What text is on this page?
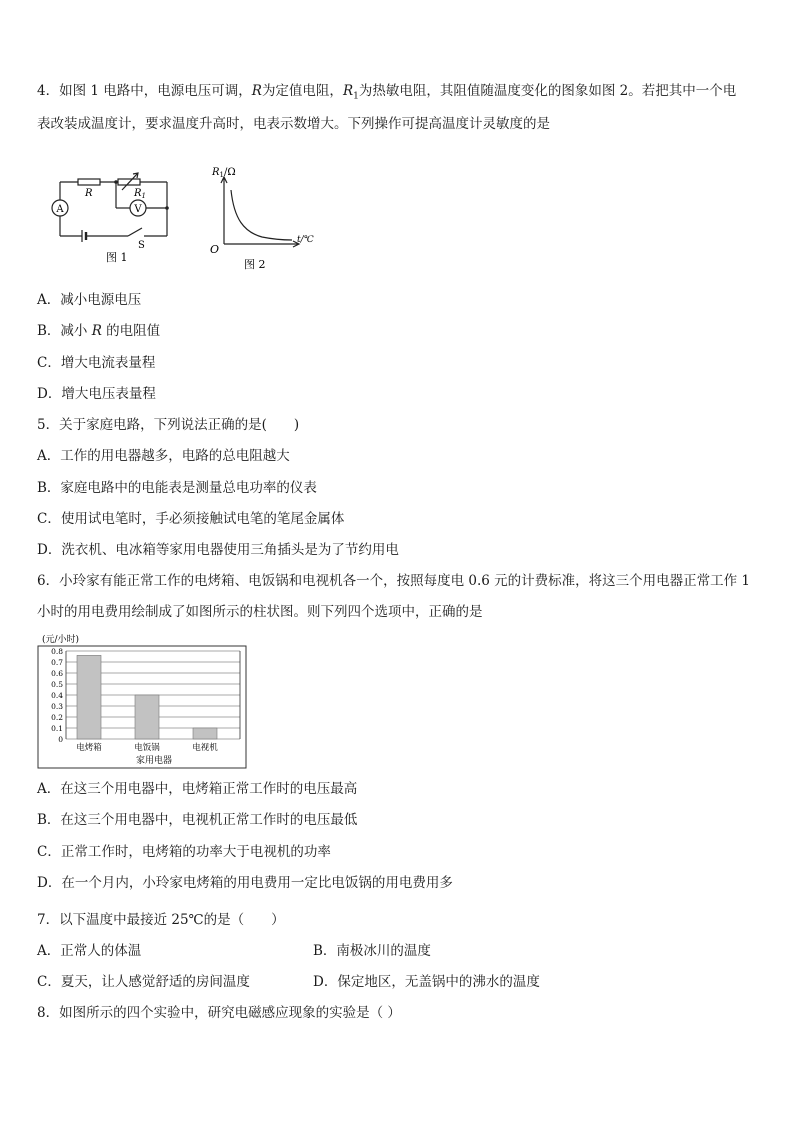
4．如图 1 电路中，电源电压可调，R为定值电阻，$R_1$为热敏电阻，其阻值随温度变化的图象如图 2。若把其中一个电
表改装成温度计，要求温度升高时，电表示数增大。下列操作可提高温度计灵敏度的是
R	$R_1$
A	V
S
图 1
$R_1/\Omega$
t/℃
O
图 2
A．减小电源电压
B．减小 R 的电阻值
C．增大电流表量程
D．增大电压表量程
5．关于家庭电路，下列说法正确的是(　　)
A．工作的用电器越多，电路的总电阻越大
B．家庭电路中的电能表是测量总电功率的仪表
C．使用试电笔时，手必须接触试电笔的笔尾金属体
D．洗衣机、电冰箱等家用电器使用三角插头是为了节约用电
6．小玲家有能正常工作的电烤箱、电饭锅和电视机各一个，按照每度电 0.6 元的计费标准，将这三个用电器正常工作 1
小时的用电费用绘制成了如图所示的柱状图。则下列四个选项中，正确的是
(元/小时)
0.8
0.7
0.6
0.5
0.4
0.3
0.2
0.1
0
电烤箱	电饭锅	电视机
家用电器
A．在这三个用电器中，电烤箱正常工作时的电压最高
B．在这三个用电器中，电视机正常工作时的电压最低
C．正常工作时，电烤箱的功率大于电视机的功率
D．在一个月内，小玲家电烤箱的用电费用一定比电饭锅的用电费用多
7．以下温度中最接近 25℃的是（　　）
A．正常人的体温	B．南极冰川的温度
C．夏天，让人感觉舒适的房间温度	D．保定地区，无盖锅中的沸水的温度
8．如图所示的四个实验中，研究电磁感应现象的实验是（ ）
